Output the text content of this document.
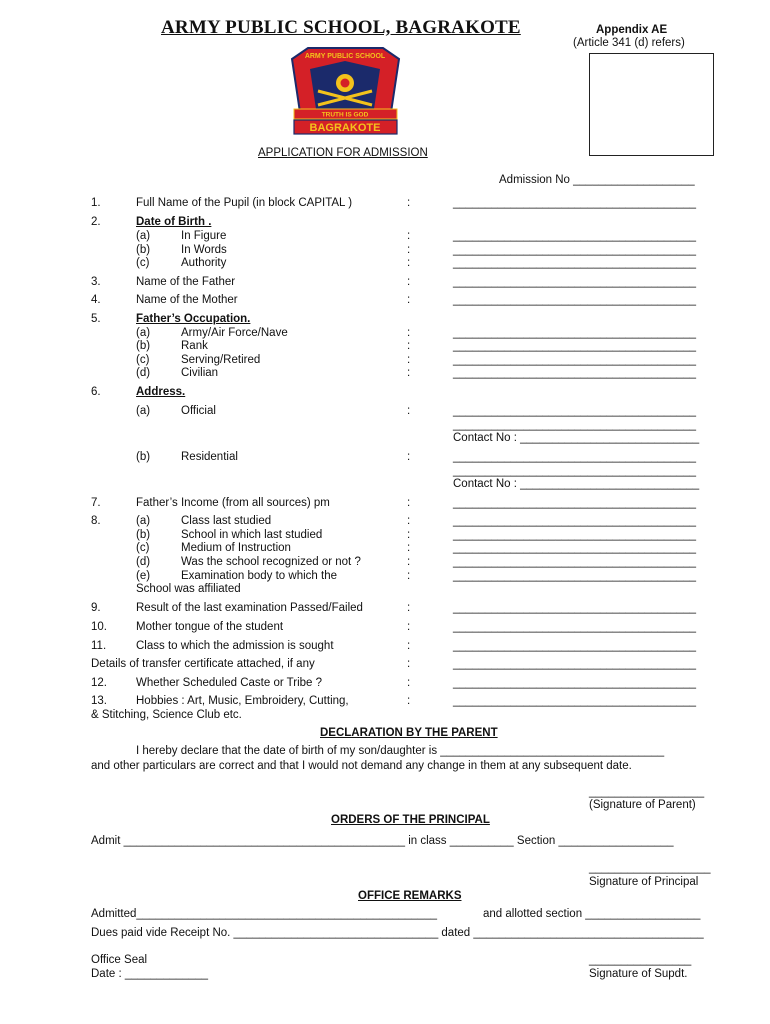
ARMY PUBLIC SCHOOL, BAGRAKOTE	Appendix AE
(Article 341 (d) refers)
ARMY PUBLIC SCHOOL
TRUTH IS GOD
BAGRAKOTE
APPLICATION FOR ADMISSION
Admission No ___________________
1.	Full Name of the Pupil (in block CAPITAL )	:	______________________________________
2.	Date of Birth .
(a)	In Figure	:	______________________________________
(b)	In Words	:	______________________________________
(c)	Authority	:	______________________________________
3.	Name of the Father	:	______________________________________
4.	Name of the Mother	:	______________________________________
5.	Father’s Occupation.
(a)	Army/Air Force/Nave	:	______________________________________
(b)	Rank	:	______________________________________
(c)	Serving/Retired	:	______________________________________
(d)	Civilian	:	______________________________________
6.	Address.
(a)	Official	:	______________________________________
______________________________________
Contact No : ____________________________
(b)	Residential	:	______________________________________
______________________________________
Contact No : ____________________________
7.	Father’s Income (from all sources) pm	:	______________________________________
8.	(a)	Class last studied	:	______________________________________
(b)	School in which last studied	:	______________________________________
(c)	Medium of Instruction	:	______________________________________
(d)	Was the school recognized or not ?	:	______________________________________
(e)	Examination body to which the	:	______________________________________
School was affiliated
9.	Result of the last examination Passed/Failed	:	______________________________________
10.	Mother tongue of the student	:	______________________________________
11.	Class to which the admission is sought	:	______________________________________
Details of transfer certificate attached, if any	:	______________________________________
12.	Whether Scheduled Caste or Tribe ?	:	______________________________________
13.	Hobbies : Art, Music, Embroidery, Cutting,	:	______________________________________
& Stitching, Science Club etc.
DECLARATION BY THE PARENT
I hereby declare that the date of birth of my son/daughter is ___________________________________
and other particulars are correct and that I would not demand any change in them at any subsequent date.
__________________
(Signature of Parent)
ORDERS OF THE PRINCIPAL
Admit ____________________________________________ in class __________ Section __________________
___________________
Signature of Principal
OFFICE REMARKS
Admitted_______________________________________________	and allotted section __________________
Dues paid vide Receipt No. ________________________________ dated ____________________________________
Office Seal
Date : _____________
________________
Signature of Supdt.
